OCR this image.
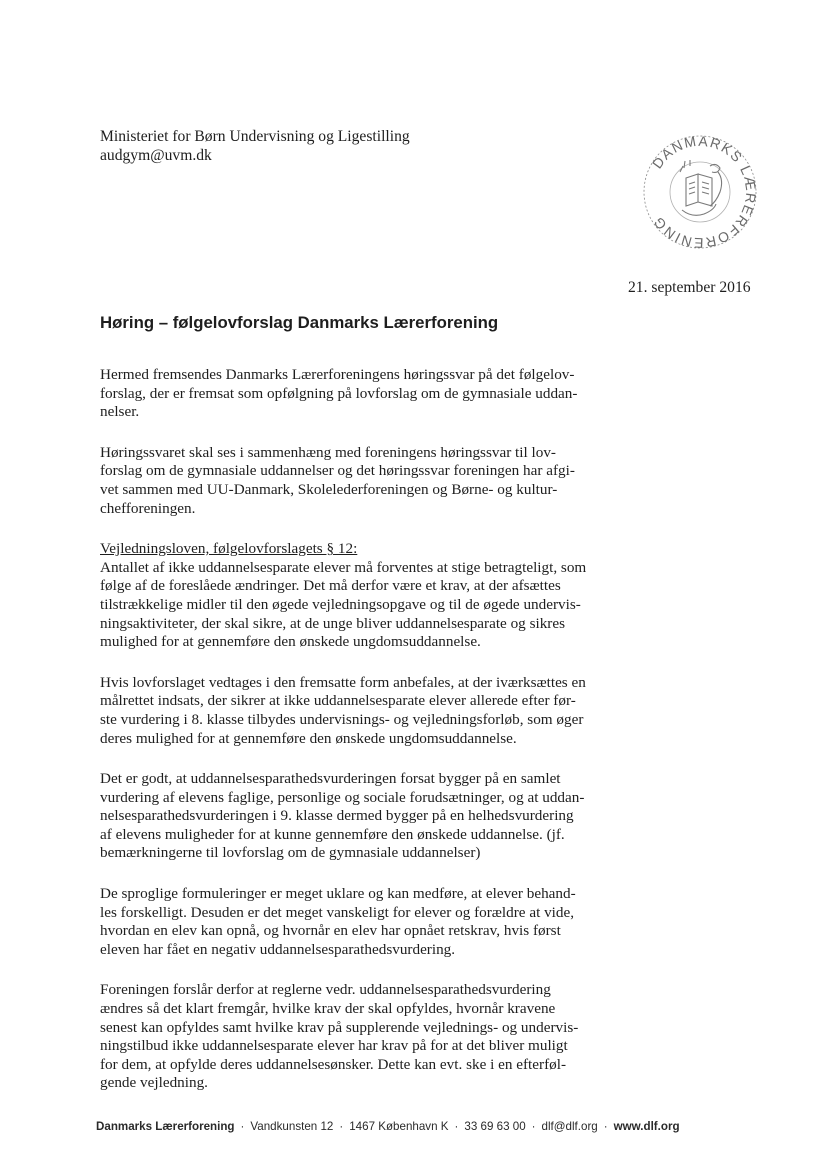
Ministeriet for Børn Undervisning og Ligestilling
audgym@uvm.dk	DANMARKS LÆRERFORENING
21. september 2016
Høring – følgelovforslag Danmarks Lærerforening
Hermed fremsendes Danmarks Lærerforeningens høringssvar på det følgelov-
forslag, der er fremsat som opfølgning på lovforslag om de gymnasiale uddan-
nelser.
Høringssvaret skal ses i sammenhæng med foreningens høringssvar til lov-
forslag om de gymnasiale uddannelser og det høringssvar foreningen har afgi-
vet sammen med UU-Danmark, Skolelederforeningen og Børne- og kultur-
chefforeningen.
Vejledningsloven, følgelovforslagets § 12:
Antallet af ikke uddannelsesparate elever må forventes at stige betragteligt, som
følge af de foreslåede ændringer. Det må derfor være et krav, at der afsættes
tilstrækkelige midler til den øgede vejledningsopgave og til de øgede undervis-
ningsaktiviteter, der skal sikre, at de unge bliver uddannelsesparate og sikres
mulighed for at gennemføre den ønskede ungdomsuddannelse.
Hvis lovforslaget vedtages i den fremsatte form anbefales, at der iværksættes en
målrettet indsats, der sikrer at ikke uddannelsesparate elever allerede efter før-
ste vurdering i 8. klasse tilbydes undervisnings- og vejledningsforløb, som øger
deres mulighed for at gennemføre den ønskede ungdomsuddannelse.
Det er godt, at uddannelsesparathedsvurderingen forsat bygger på en samlet
vurdering af elevens faglige, personlige og sociale forudsætninger, og at uddan-
nelsesparathedsvurderingen i 9. klasse dermed bygger på en helhedsvurdering
af elevens muligheder for at kunne gennemføre den ønskede uddannelse. (jf.
bemærkningerne til lovforslag om de gymnasiale uddannelser)
De sproglige formuleringer er meget uklare og kan medføre, at elever behand-
les forskelligt. Desuden er det meget vanskeligt for elever og forældre at vide,
hvordan en elev kan opnå, og hvornår en elev har opnået retskrav, hvis først
eleven har fået en negativ uddannelsesparathedsvurdering.
Foreningen forslår derfor at reglerne vedr. uddannelsesparathedsvurdering
ændres så det klart fremgår, hvilke krav der skal opfyldes, hvornår kravene
senest kan opfyldes samt hvilke krav på supplerende vejlednings- og undervis-
ningstilbud ikke uddannelsesparate elever har krav på for at det bliver muligt
for dem, at opfylde deres uddannelsesønsker. Dette kan evt. ske i en efterføl-
gende vejledning.
Danmarks Lærerforening · Vandkunsten 12 · 1467 København K · 33 69 63 00 · dlf@dlf.org · www.dlf.org
